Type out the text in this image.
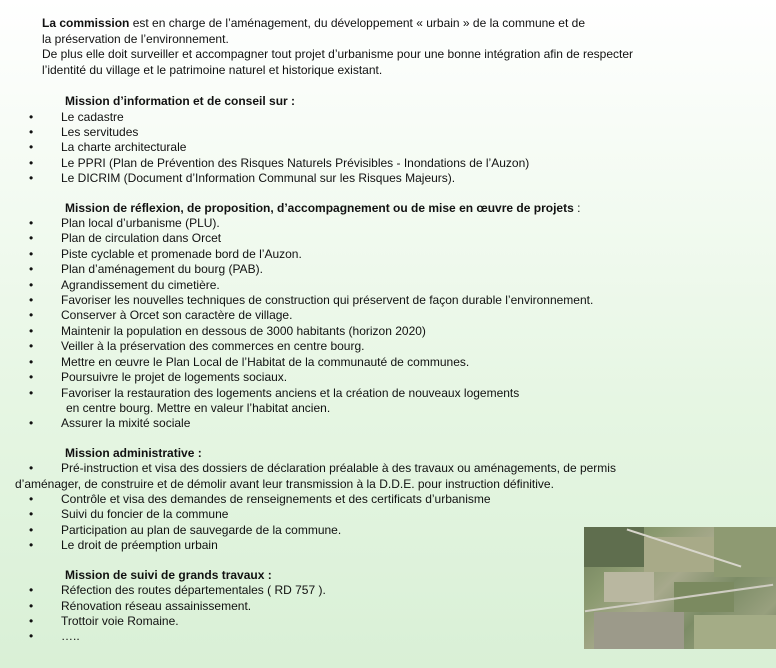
La commission est en charge de l’aménagement, du développement « urbain » de la commune et de
la préservation de l’environnement.
De plus elle doit surveiller et accompagner tout projet d’urbanisme pour une bonne intégration afin de respecter
l’identité du village et le patrimoine naturel et historique existant.

Mission d’information et de conseil sur :
• Le cadastre
• Les servitudes
• La charte architecturale
• Le PPRI (Plan de Prévention des Risques Naturels Prévisibles - Inondations de l’Auzon)
• Le DICRIM (Document d’Information Communal sur les Risques Majeurs).
Mission de réflexion, de proposition, d’accompagnement ou de mise en œuvre de projets :
• Plan local d’urbanisme (PLU).
• Plan de circulation dans Orcet
• Piste cyclable et promenade bord de l’Auzon.
• Plan d’aménagement du bourg (PAB).
• Agrandissement du cimetière.
• Favoriser les nouvelles techniques de construction qui préservent de façon durable l’environnement.
• Conserver à Orcet son caractère de village.
• Maintenir la population en dessous de 3000 habitants (horizon 2020)
• Veiller à la préservation des commerces en centre bourg.
• Mettre en œuvre le Plan Local de l’Habitat de la communauté de communes.
• Poursuivre le projet de logements sociaux.
• Favoriser la restauration des logements anciens et la création de nouveaux logements
en centre bourg. Mettre en valeur l’habitat ancien.
• Assurer la mixité sociale
Mission administrative :
• Pré-instruction et visa des dossiers de déclaration préalable à des travaux ou aménagements, de permis
d’aménager, de construire et de démolir avant leur transmission à la D.D.E. pour instruction définitive.
• Contrôle et visa des demandes de renseignements et des certificats d’urbanisme
• Suivi du foncier de la commune
• Participation au plan de sauvegarde de la commune.
• Le droit de préemption urbain
Mission de suivi de grands travaux :
• Réfection des routes départementales ( RD 757 ).
• Rénovation réseau assainissement.
• Trottoir voie Romaine.
• …..
